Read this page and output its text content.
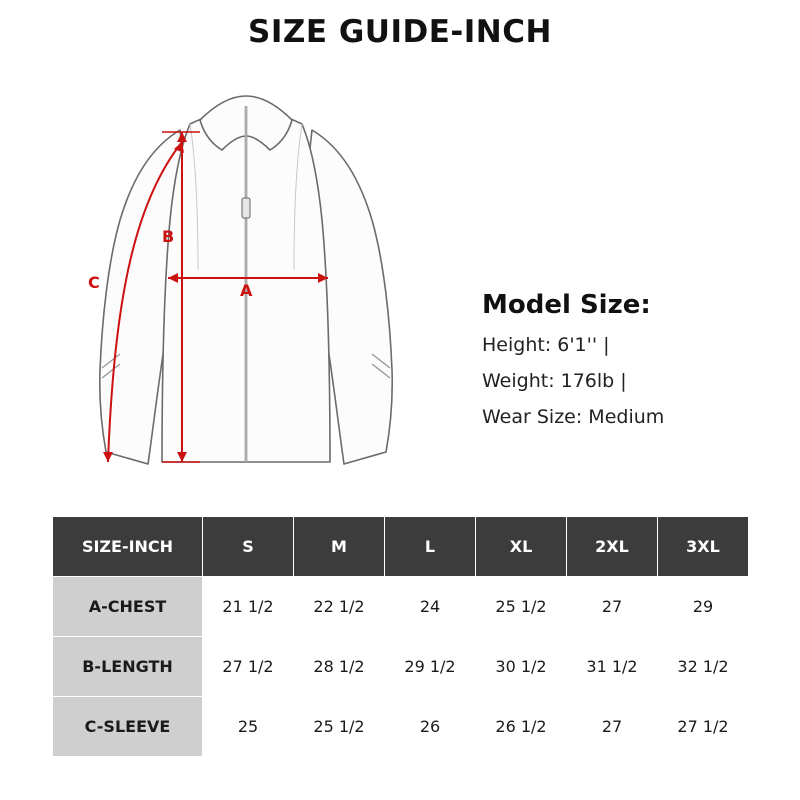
SIZE GUIDE-INCH
A
B
C
Model Size:
Height: 6'1'' |
Weight: 176lb |
Wear Size: Medium
SIZE-INCH	S	M	L	XL	2XL	3XL
A-CHEST	21 1/2	22 1/2	24	25 1/2	27	29
B-LENGTH	27 1/2	28 1/2	29 1/2	30 1/2	31 1/2	32 1/2
C-SLEEVE	25	25 1/2	26	26 1/2	27	27 1/2
